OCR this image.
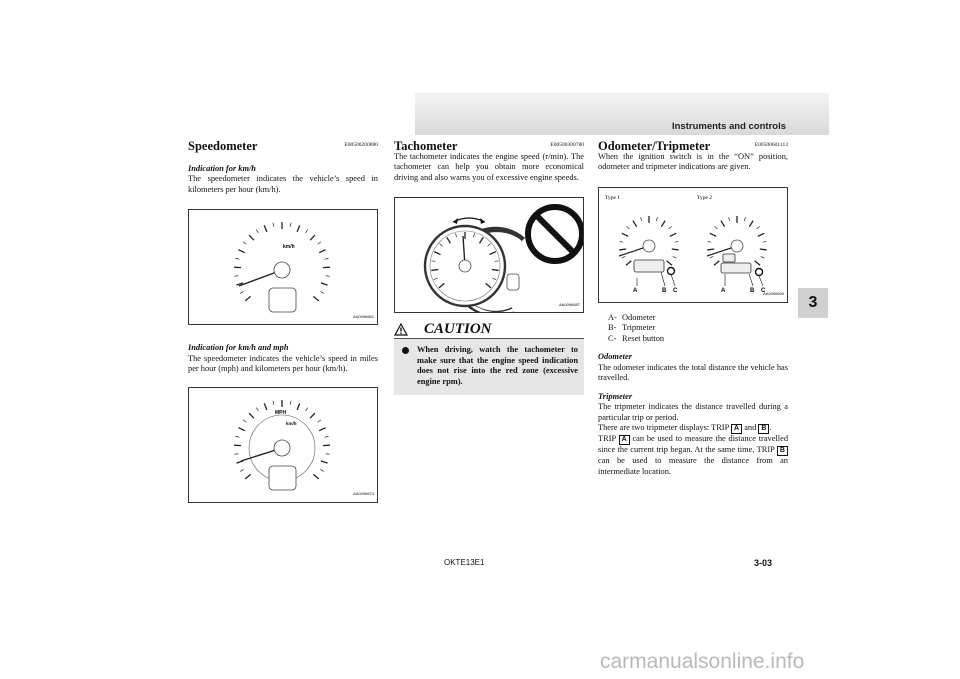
Instruments and controls
3
Speedometer	E00500200880

Indication for km/h

The speedometer indicates the vehicle’s speed in kilometers per hour (km/h).

km/h
AA0096661

Indication for km/h and mph

The speedometer indicates the vehicle’s speed in miles per hour (mph) and kilometers per hour (km/h).

MPH
km/h
AA0096674
Tachometer	E00500300780

The tachometer indicates the engine speed (r/min). The tachometer can help you obtain more economical driving and also warns you of excessive engine speeds.

AA0096687
CAUTION
When driving, watch the tachometer to make sure that the engine speed indication does not rise into the red zone (excessive engine rpm).
Odometer/Tripmeter	E00500601113

When the ignition switch is in the “ON” position, odometer and tripmeter indications are given.

Type 1	Type 2
A	B C	A	B C
AA0096690
A- Odometer
B- Tripmeter
C- Reset button

Odometer

The odometer indicates the total distance the vehicle has travelled.

Tripmeter

The tripmeter indicates the distance travelled during a particular trip or period.

There are two tripmeter displays: TRIP A and B .

TRIP A can be used to measure the distance travelled since the current trip began. At the same time, TRIP B can be used to measure the distance from an intermediate location.

OKTE13E1	3-03
carmanualsonline.info
